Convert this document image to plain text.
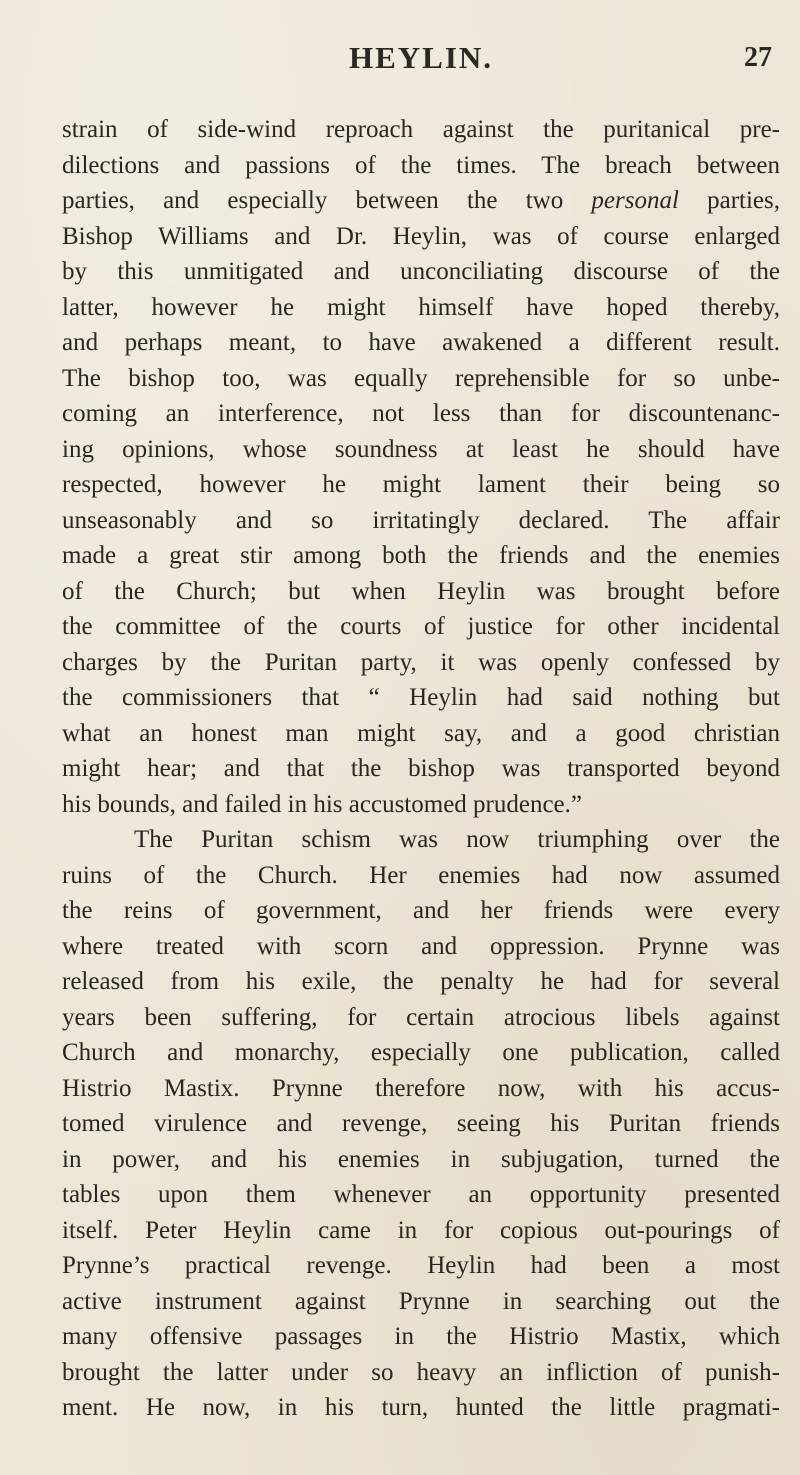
HEYLIN.	27
strain of side-wind reproach against the puritanical pre-
dilections and passions of the times. The breach between
parties, and especially between the two personal parties,
Bishop Williams and Dr. Heylin, was of course enlarged
by this unmitigated and unconciliating discourse of the
latter, however he might himself have hoped thereby,
and perhaps meant, to have awakened a different result.
The bishop too, was equally reprehensible for so unbe-
coming an interference, not less than for discountenanc-
ing opinions, whose soundness at least he should have
respected, however he might lament their being so
unseasonably and so irritatingly declared. The affair
made a great stir among both the friends and the enemies
of the Church; but when Heylin was brought before
the committee of the courts of justice for other incidental
charges by the Puritan party, it was openly confessed by
the commissioners that “ Heylin had said nothing but
what an honest man might say, and a good christian
might hear; and that the bishop was transported beyond
his bounds, and failed in his accustomed prudence.”
The Puritan schism was now triumphing over the
ruins of the Church. Her enemies had now assumed
the reins of government, and her friends were every
where treated with scorn and oppression. Prynne was
released from his exile, the penalty he had for several
years been suffering, for certain atrocious libels against
Church and monarchy, especially one publication, called
Histrio Mastix. Prynne therefore now, with his accus-
tomed virulence and revenge, seeing his Puritan friends
in power, and his enemies in subjugation, turned the
tables upon them whenever an opportunity presented
itself. Peter Heylin came in for copious out-pourings of
Prynne’s practical revenge. Heylin had been a most
active instrument against Prynne in searching out the
many offensive passages in the Histrio Mastix, which
brought the latter under so heavy an infliction of punish-
ment. He now, in his turn, hunted the little pragmati-
